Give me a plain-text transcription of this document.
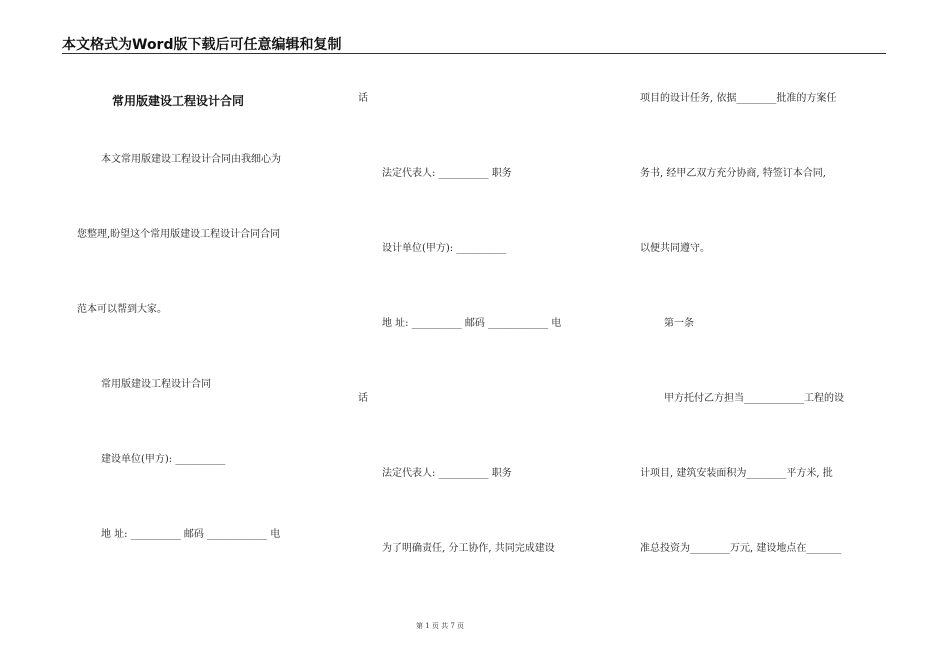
本文格式为Word版下载后可任意编辑和复制
常用版建设工程设计合同
本文常用版建设工程设计合同由我细心为
您整理,盼望这个常用版建设工程设计合同合同
范本可以帮到大家。
常用版建设工程设计合同
建设单位(甲方): __________
地 址: __________ 邮码 ____________ 电
话
法定代表人: __________ 职务
设计单位(甲方): __________
地 址: __________ 邮码 ____________ 电
话
法定代表人: __________ 职务
为了明确责任, 分工协作, 共同完成建设
项目的设计任务, 依据________批准的方案任
务书, 经甲乙双方充分协商, 特签订本合同,
以便共同遵守。
第一条
甲方托付乙方担当____________工程的设
计项目, 建筑安装面积为________平方米, 批
准总投资为________万元, 建设地点在_______
第 1 页 共 7 页
